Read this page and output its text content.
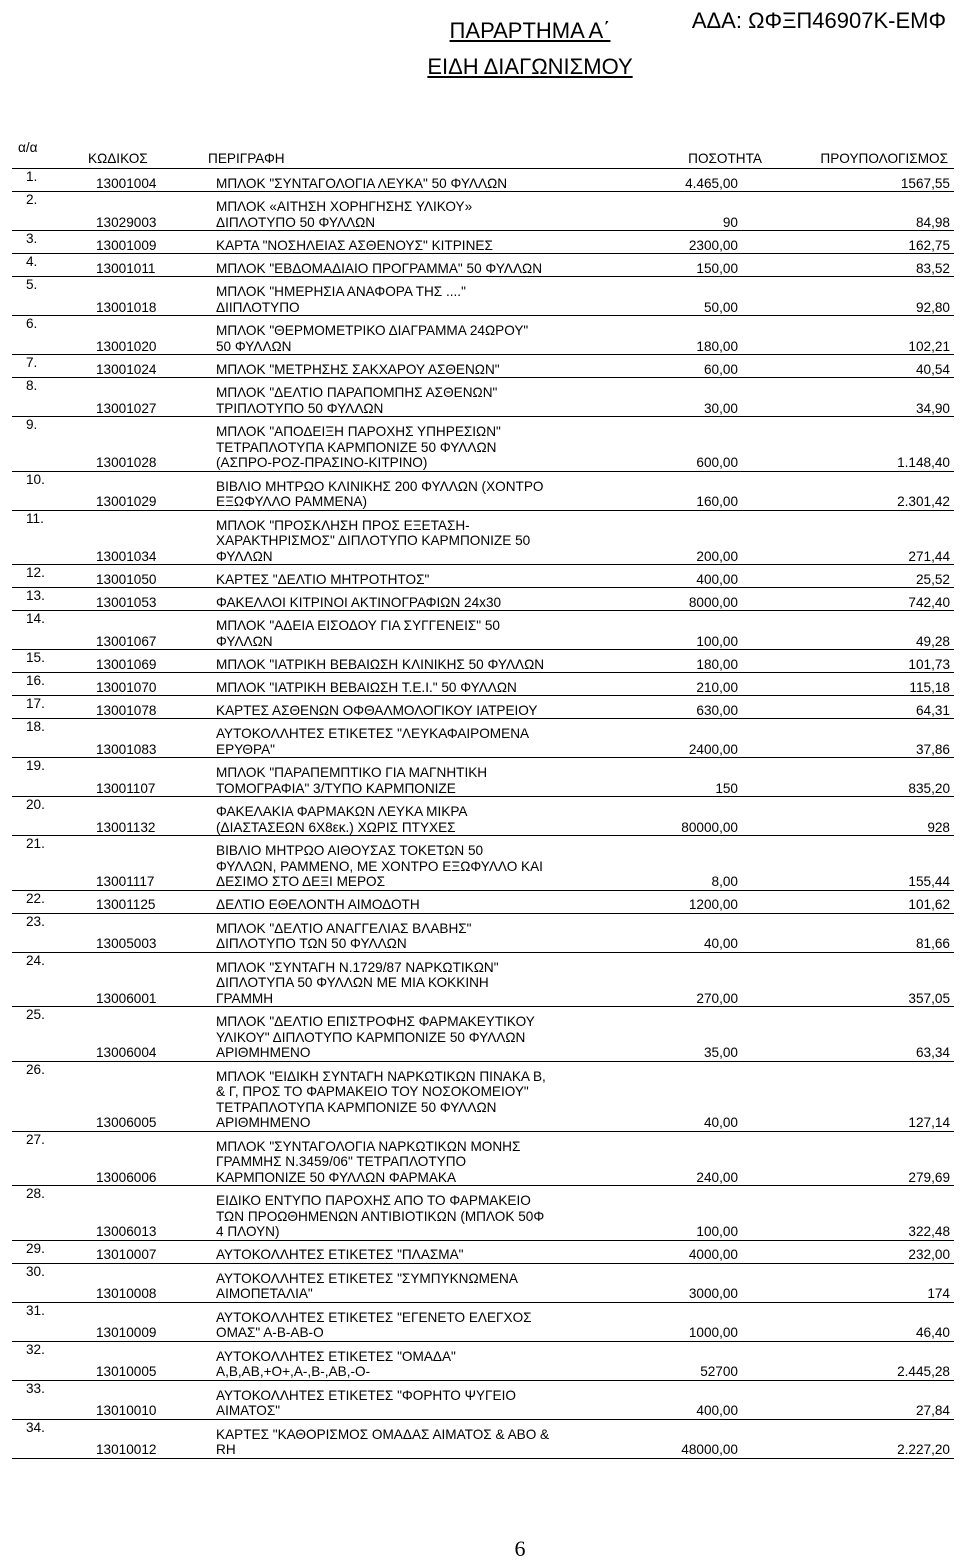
ΠΑΡΑΡΤΗΜΑ Α΄
ΕΙΔΗ ΔΙΑΓΩΝΙΣΜΟΥ
ΑΔΑ: ΩΦΞΠ46907Κ-ΕΜΦ
α/α	ΚΩΔΙΚΟΣ	ΠΕΡΙΓΡΑΦΗ	ΠΟΣΟΤΗΤΑ	ΠΡΟΥΠΟΛΟΓΙΣΜΟΣ
1.	13001004	ΜΠΛΟΚ "ΣΥΝΤΑΓΟΛΟΓΙΑ ΛΕΥΚΑ" 50 ΦΥΛΛΩΝ	4.465,00	1567,55
2.	13029003	ΜΠΛΟΚ «ΑΙΤΗΣΗ ΧΟΡΗΓΗΣΗΣ ΥΛΙΚΟΥ»
ΔΙΠΛΟΤΥΠΟ 50 ΦΥΛΛΩΝ	90	84,98
3.	13001009	ΚΑΡΤΑ "ΝΟΣΗΛΕΙΑΣ ΑΣΘΕΝΟΥΣ" ΚΙΤΡΙΝΕΣ	2300,00	162,75
4.	13001011	ΜΠΛΟΚ "ΕΒΔΟΜΑΔΙΑΙΟ ΠΡΟΓΡΑΜΜΑ" 50 ΦΥΛΛΩΝ	150,00	83,52
5.	13001018	ΜΠΛΟΚ "ΗΜΕΡΗΣΙΑ ΑΝΑΦΟΡΑ ΤΗΣ ...."
ΔΙΙΠΛΟΤΥΠΟ	50,00	92,80
6.	13001020	ΜΠΛΟΚ "ΘΕΡΜΟΜΕΤΡΙΚΟ ΔΙΑΓΡΑΜΜΑ 24ΩΡΟΥ"
50 ΦΥΛΛΩΝ	180,00	102,21
7.	13001024	ΜΠΛΟΚ "ΜΕΤΡΗΣΗΣ ΣΑΚΧΑΡΟΥ ΑΣΘΕΝΩΝ"	60,00	40,54
8.	13001027	ΜΠΛΟΚ "ΔΕΛΤΙΟ ΠΑΡΑΠΟΜΠΗΣ ΑΣΘΕΝΩΝ"
ΤΡΙΠΛΟΤΥΠΟ 50 ΦΥΛΛΩΝ	30,00	34,90
9.	13001028	ΜΠΛΟΚ "ΑΠΟΔΕΙΞΗ ΠΑΡΟΧΗΣ ΥΠΗΡΕΣΙΩΝ"
ΤΕΤΡΑΠΛΟΤΥΠΑ ΚΑΡΜΠΟΝΙΖΕ 50 ΦΥΛΛΩΝ
(ΑΣΠΡΟ-ΡΟΖ-ΠΡΑΣΙΝΟ-ΚΙΤΡΙΝΟ)	600,00	1.148,40
10.	13001029	ΒΙΒΛΙΟ ΜΗΤΡΩΟ ΚΛΙΝΙΚΗΣ 200 ΦΥΛΛΩΝ (ΧΟΝΤΡΟ
ΕΞΩΦΥΛΛΟ ΡΑΜΜΕΝΑ)	160,00	2.301,42
11.	13001034	ΜΠΛΟΚ "ΠΡΟΣΚΛΗΣΗ ΠΡΟΣ ΕΞΕΤΑΣΗ-
ΧΑΡΑΚΤΗΡΙΣΜΟΣ" ΔΙΠΛΟΤΥΠΟ ΚΑΡΜΠΟΝΙΖΕ 50
ΦΥΛΛΩΝ	200,00	271,44
12.	13001050	ΚΑΡΤΕΣ "ΔΕΛΤΙΟ ΜΗΤΡΟΤΗΤΟΣ"	400,00	25,52
13.	13001053	ΦΑΚΕΛΛΟΙ ΚΙΤΡΙΝΟΙ ΑΚΤΙΝΟΓΡΑΦΙΩΝ 24x30	8000,00	742,40
14.	13001067	ΜΠΛΟΚ "ΑΔΕΙΑ ΕΙΣΟΔΟΥ ΓΙΑ ΣΥΓΓΕΝΕΙΣ" 50
ΦΥΛΛΩΝ	100,00	49,28
15.	13001069	ΜΠΛΟΚ "ΙΑΤΡΙΚΗ ΒΕΒΑΙΩΣΗ ΚΛΙΝΙΚΗΣ 50 ΦΥΛΛΩΝ	180,00	101,73
16.	13001070	ΜΠΛΟΚ "ΙΑΤΡΙΚΗ ΒΕΒΑΙΩΣΗ Τ.Ε.Ι." 50 ΦΥΛΛΩΝ	210,00	115,18
17.	13001078	ΚΑΡΤΕΣ ΑΣΘΕΝΩΝ ΟΦΘΑΛΜΟΛΟΓΙΚΟΥ ΙΑΤΡΕΙΟΥ	630,00	64,31
18.	13001083	ΑΥΤΟΚΟΛΛΗΤΕΣ ΕΤΙΚΕΤΕΣ "ΛΕΥΚΑΦΑΙΡΟΜΕΝΑ
ΕΡΥΘΡΑ"	2400,00	37,86
19.	13001107	ΜΠΛΟΚ "ΠΑΡΑΠΕΜΠΤΙΚΟ ΓΙΑ ΜΑΓΝΗΤΙΚΗ
ΤΟΜΟΓΡΑΦΙΑ" 3/ΤΥΠΟ ΚΑΡΜΠΟΝΙΖΕ	150	835,20
20.	13001132	ΦΑΚΕΛΑΚΙΑ ΦΑΡΜΑΚΩΝ ΛΕΥΚΑ ΜΙΚΡΑ
(ΔΙΑΣΤΑΣΕΩΝ 6Χ8εκ.) ΧΩΡΙΣ ΠΤΥΧΕΣ	80000,00	928
21.	13001117	ΒΙΒΛΙΟ ΜΗΤΡΩΟ ΑΙΘΟΥΣΑΣ ΤΟΚΕΤΩΝ 50
ΦΥΛΛΩΝ, ΡΑΜΜΕΝΟ, ΜΕ ΧΟΝΤΡΟ ΕΞΩΦΥΛΛΟ ΚΑΙ
ΔΕΣΙΜΟ ΣΤΟ ΔΕΞΙ ΜΕΡΟΣ	8,00	155,44
22.	13001125	ΔΕΛΤΙΟ ΕΘΕΛΟΝΤΗ ΑΙΜΟΔΟΤΗ	1200,00	101,62
23.	13005003	ΜΠΛΟΚ "ΔΕΛΤΙΟ ΑΝΑΓΓΕΛΙΑΣ ΒΛΑΒΗΣ"
ΔΙΠΛΟΤΥΠΟ ΤΩΝ 50 ΦΥΛΛΩΝ	40,00	81,66
24.	13006001	ΜΠΛΟΚ "ΣΥΝΤΑΓΗ Ν.1729/87 ΝΑΡΚΩΤΙΚΩΝ"
ΔΙΠΛΟΤΥΠΑ 50 ΦΥΛΛΩΝ ΜΕ ΜΙΑ ΚΟΚΚΙΝΗ
ΓΡΑΜΜΗ	270,00	357,05
25.	13006004	ΜΠΛΟΚ "ΔΕΛΤΙΟ ΕΠΙΣΤΡΟΦΗΣ ΦΑΡΜΑΚΕΥΤΙΚΟΥ
ΥΛΙΚΟΥ" ΔΙΠΛΟΤΥΠΟ ΚΑΡΜΠΟΝΙΖΕ 50 ΦΥΛΛΩΝ
ΑΡΙΘΜΗΜΕΝΟ	35,00	63,34
26.	13006005	ΜΠΛΟΚ "ΕΙΔΙΚΗ ΣΥΝΤΑΓΗ ΝΑΡΚΩΤΙΚΩΝ ΠΙΝΑΚΑ Β,
& Γ, ΠΡΟΣ ΤΟ ΦΑΡΜΑΚΕΙΟ ΤΟΥ ΝΟΣΟΚΟΜΕΙΟΥ"
ΤΕΤΡΑΠΛΟΤΥΠΑ ΚΑΡΜΠΟΝΙΖΕ 50 ΦΥΛΛΩΝ
ΑΡΙΘΜΗΜΕΝΟ	40,00	127,14
27.	13006006	ΜΠΛΟΚ "ΣΥΝΤΑΓΟΛΟΓΙΑ ΝΑΡΚΩΤΙΚΩΝ ΜΟΝΗΣ
ΓΡΑΜΜΗΣ Ν.3459/06" ΤΕΤΡΑΠΛΟΤΥΠΟ
ΚΑΡΜΠΟΝΙΖΕ 50 ΦΥΛΛΩΝ ΦΑΡΜΑΚΑ	240,00	279,69
28.	13006013	ΕΙΔΙΚΟ ΕΝΤΥΠΟ ΠΑΡΟΧΗΣ ΑΠΟ ΤΟ ΦΑΡΜΑΚΕΙΟ
ΤΩΝ ΠΡΟΩΘΗΜΕΝΩΝ ΑΝΤΙΒΙΟΤΙΚΩΝ (ΜΠΛΟΚ 50Φ
4 ΠΛΟΥΝ)	100,00	322,48
29.	13010007	ΑΥΤΟΚΟΛΛΗΤΕΣ ΕΤΙΚΕΤΕΣ "ΠΛΑΣΜΑ"	4000,00	232,00
30.	13010008	ΑΥΤΟΚΟΛΛΗΤΕΣ ΕΤΙΚΕΤΕΣ "ΣΥΜΠΥΚΝΩΜΕΝΑ
ΑΙΜΟΠΕΤΑΛΙΑ"	3000,00	174
31.	13010009	ΑΥΤΟΚΟΛΛΗΤΕΣ ΕΤΙΚΕΤΕΣ "ΕΓΕΝΕΤΟ ΕΛΕΓΧΟΣ
ΟΜΑΣ" Α-Β-ΑΒ-Ο	1000,00	46,40
32.	13010005	ΑΥΤΟΚΟΛΛΗΤΕΣ ΕΤΙΚΕΤΕΣ "ΟΜΑΔΑ"
Α,Β,ΑΒ,+Ο+,Α-,Β-,ΑΒ,-Ο-	52700	2.445,28
33.	13010010	ΑΥΤΟΚΟΛΛΗΤΕΣ ΕΤΙΚΕΤΕΣ "ΦΟΡΗΤΟ ΨΥΓΕΙΟ
ΑΙΜΑΤΟΣ"	400,00	27,84
34.	13010012	ΚΑΡΤΕΣ "ΚΑΘΟΡΙΣΜΟΣ ΟΜΑΔΑΣ ΑΙΜΑΤΟΣ & ΑΒΟ &
RH	48000,00	2.227,20
6
